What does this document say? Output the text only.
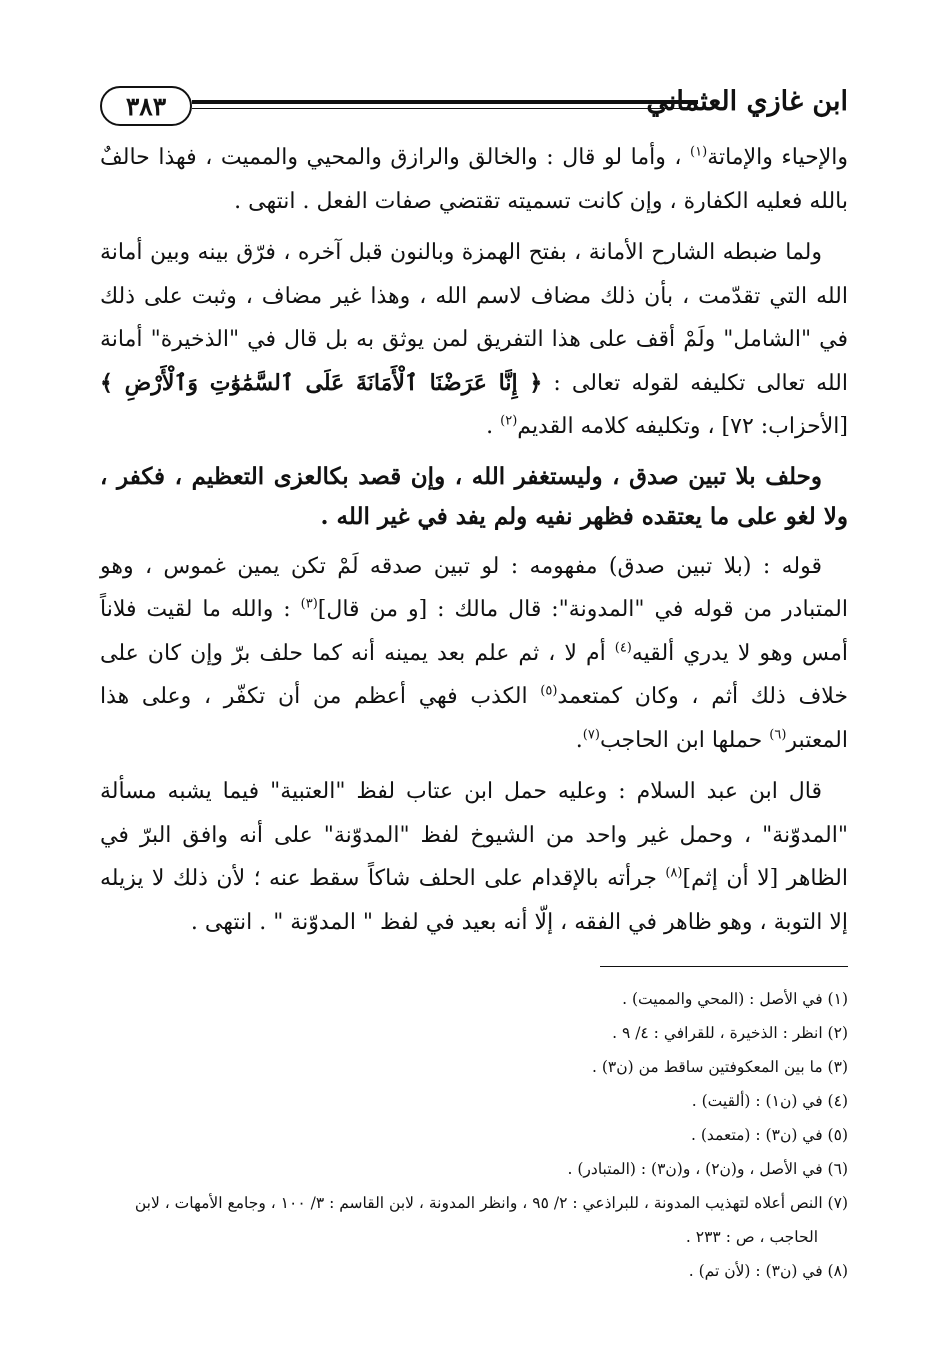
٣٨٣	ابن غازي العثماني

والإحياء والإماتة$^{(١)}$ ، وأما لو قال : والخالق والرازق والمحيي والمميت ، فهذا حالفٌ بالله فعليه الكفارة ، وإن كانت تسميته تقتضي صفات الفعل . انتهى .

ولما ضبطه الشارح الأمانة ، بفتح الهمزة وبالنون قبل آخره ، فرّق بينه وبين أمانة الله التي تقدّمت ، بأن ذلك مضاف لاسم الله ، وهذا غير مضاف ، وثبت على ذلك في "الشامل" ولَمْ أقف على هذا التفريق لمن يوثق به بل قال في "الذخيرة" أمانة الله تعالى تكليفه لقوله تعالى : ﴿ إِنَّا عَرَضْنَا ٱلْأَمَانَةَ عَلَى ٱلسَّمَٰوَٰتِ وَٱلْأَرْضِ ﴾ [الأحزاب: ٧٢] ، وتكليفه كلامه القديم$^{(٢)}$ .

وحلف بلا تبين صدق ، وليستغفر الله ، وإن قصد بكالعزى التعظيم ، فكفر ، ولا لغو على ما يعتقده فظهر نفيه ولم يفد في غير الله .

قوله : (بلا تبين صدق) مفهومه : لو تبين صدقه لَمْ تكن يمين غموس ، وهو المتبادر من قوله في "المدونة": قال مالك : [و من قال]$^{(٣)}$ : والله ما لقيت فلاناً أمس وهو لا يدري ألقيه$^{(٤)}$ أم لا ، ثم علم بعد يمينه أنه كما حلف برّ وإن كان على خلاف ذلك أثم ، وكان كمتعمد$^{(٥)}$ الكذب فهي أعظم من أن تكفّر ، وعلى هذا المعتبر$^{(٦)}$ حملها ابن الحاجب$^{(٧)}$.

قال ابن عبد السلام : وعليه حمل ابن عتاب لفظ "العتبية" فيما يشبه مسألة "المدوّنة" ، وحمل غير واحد من الشيوخ لفظ "المدوّنة" على أنه وافق البرّ في الظاهر [لا أن إثم]$^{(٨)}$ جرأته بالإقدام على الحلف شاكاً سقط عنه ؛ لأن ذلك لا يزيله إلا التوبة ، وهو ظاهر في الفقه ، إلّا أنه بعيد في لفظ " المدوّنة " . انتهى .

(١) في الأصل : (المحي والمميت) .
(٢) انظر : الذخيرة ، للقرافي : ٤/ ٩ .
(٣) ما بين المعكوفتين ساقط من (ن٣) .
(٤) في (ن١) : (ألقيت) .
(٥) في (ن٣) : (متعمد) .
(٦) في الأصل ، و(ن٢) ، و(ن٣) : (المتبادر) .
(٧) النص أعلاه لتهذيب المدونة ، للبراذعي : ٢/ ٩٥ ، وانظر المدونة ، لابن القاسم : ٣/ ١٠٠ ، وجامع الأمهات ، لابن
الحاجب ، ص : ٢٣٣ .
(٨) في (ن٣) : (لأن تم) .
